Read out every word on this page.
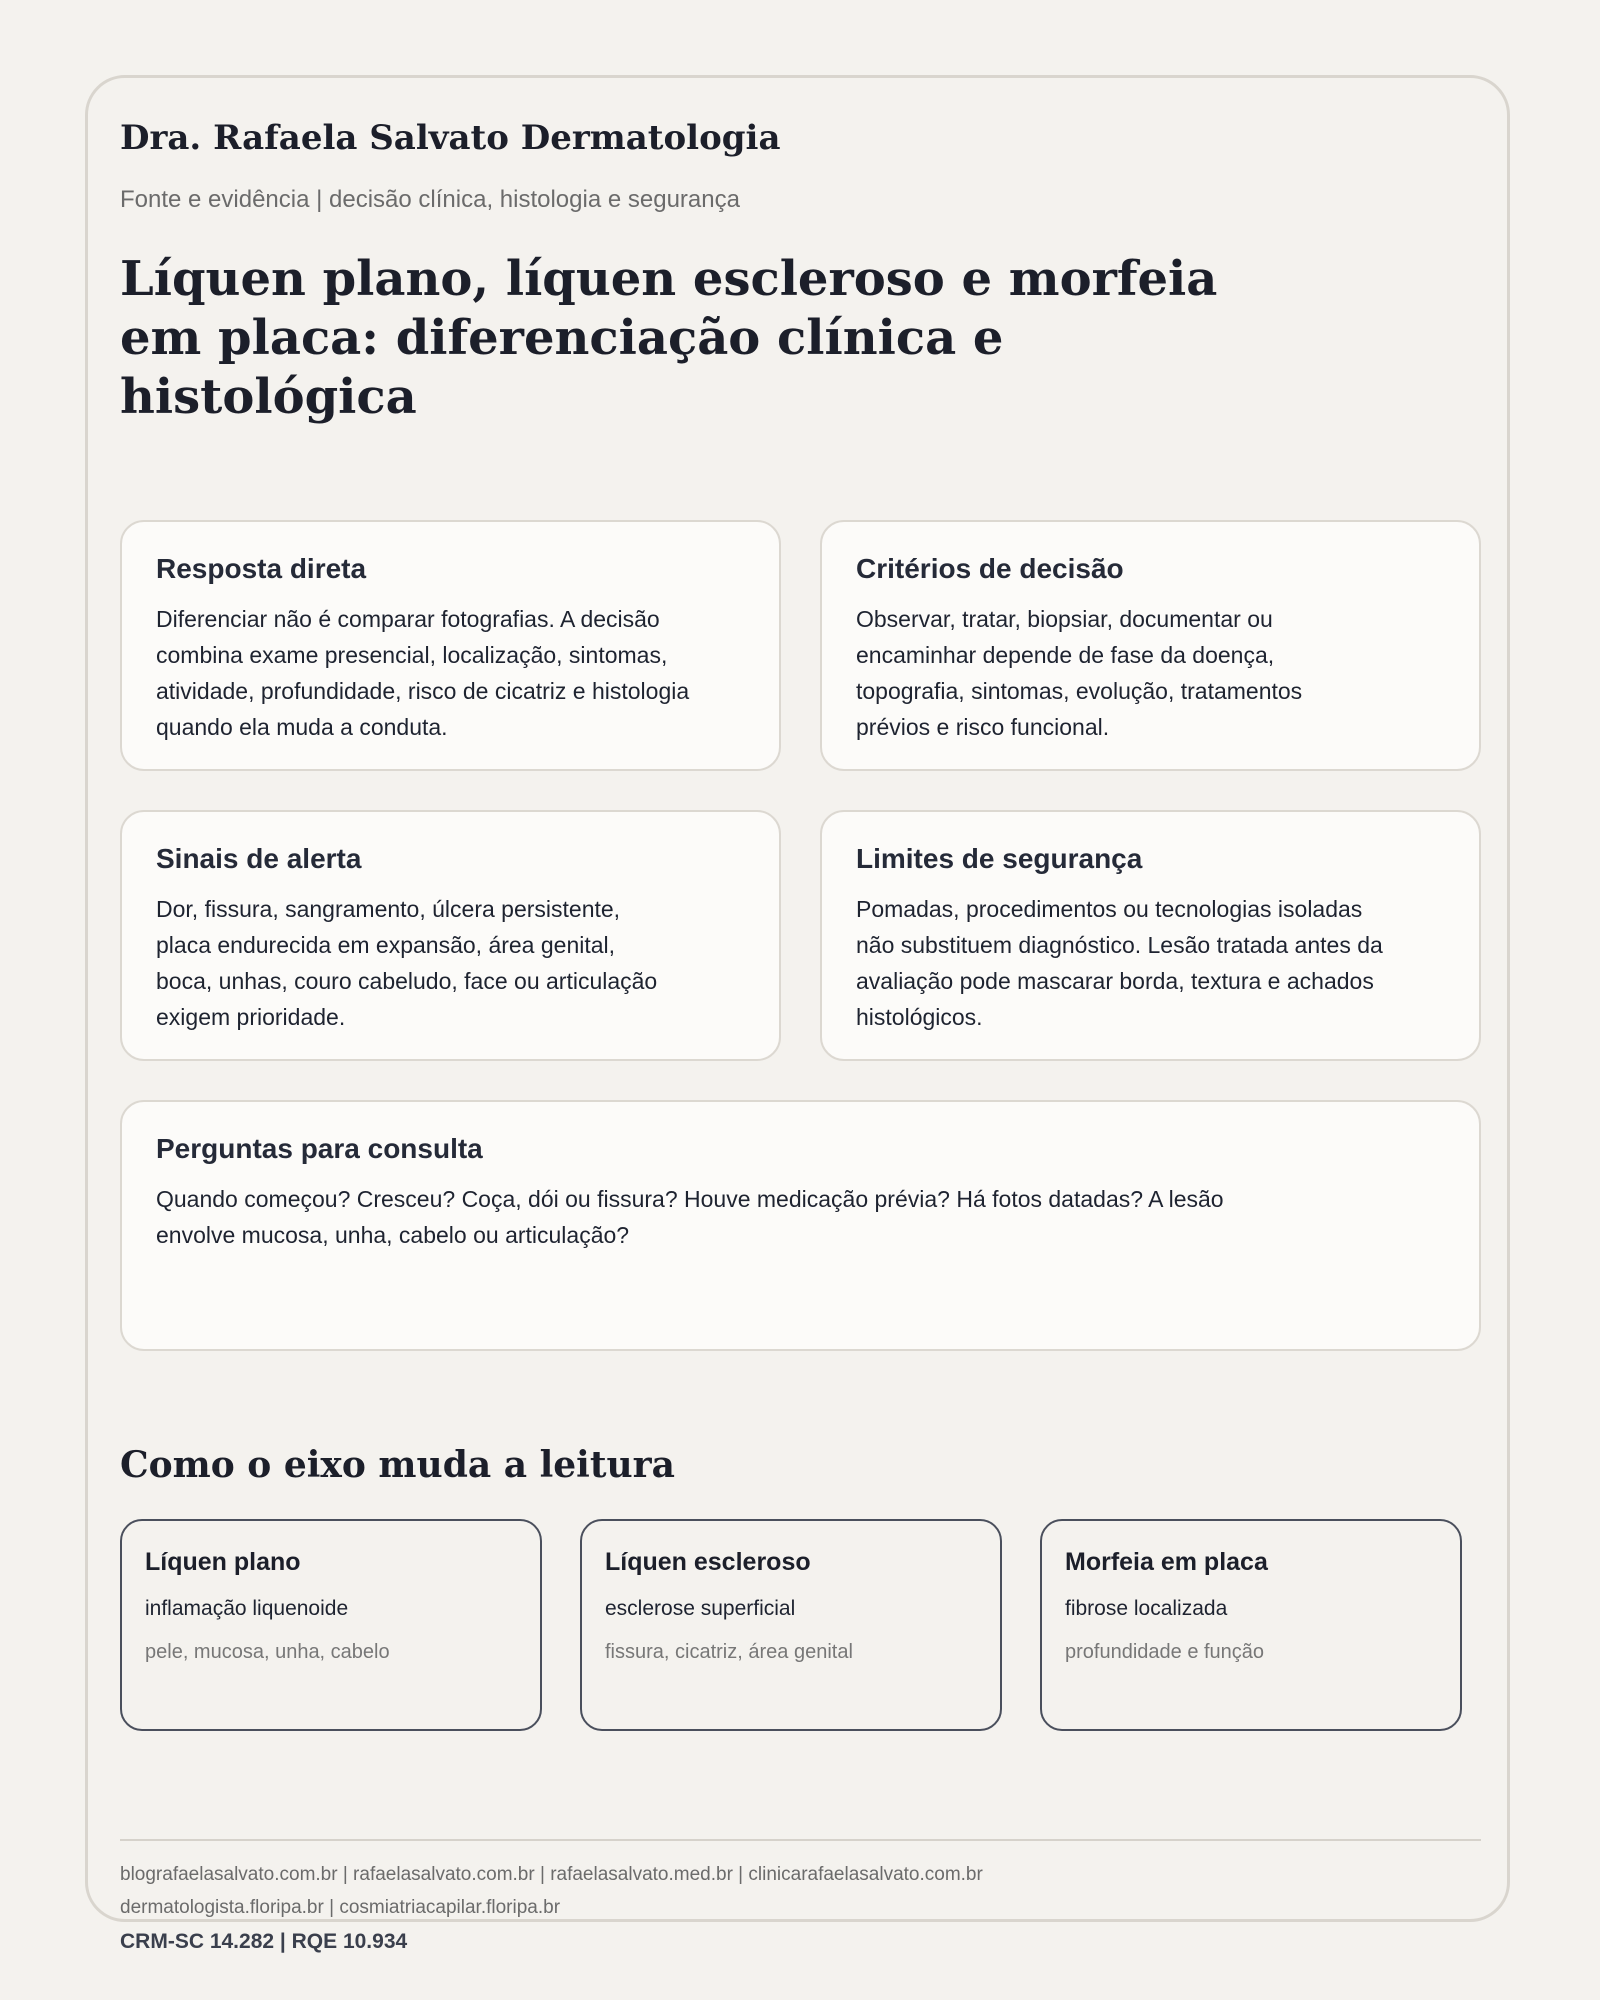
Dra. Rafaela Salvato Dermatologia

Fonte e evidência | decisão clínica, histologia e segurança

Líquen plano, líquen escleroso e morfeia em placa: diferenciação clínica e histológica
Resposta direta

Diferenciar não é comparar fotografias. A decisão combina exame presencial, localização, sintomas, atividade, profundidade, risco de cicatriz e histologia quando ela muda a conduta.

Critérios de decisão

Observar, tratar, biopsiar, documentar ou encaminhar depende de fase da doença, topografia, sintomas, evolução, tratamentos prévios e risco funcional.

Sinais de alerta

Dor, fissura, sangramento, úlcera persistente, placa endurecida em expansão, área genital, boca, unhas, couro cabeludo, face ou articulação exigem prioridade.

Limites de segurança

Pomadas, procedimentos ou tecnologias isoladas não substituem diagnóstico. Lesão tratada antes da avaliação pode mascarar borda, textura e achados histológicos.

Perguntas para consulta

Quando começou? Cresceu? Coça, dói ou fissura? Houve medicação prévia? Há fotos datadas? A lesão envolve mucosa, unha, cabelo ou articulação?

Como o eixo muda a leitura
Líquen plano

inflamação liquenoide

pele, mucosa, unha, cabelo

Líquen escleroso

esclerose superficial

fissura, cicatriz, área genital

Morfeia em placa

fibrose localizada

profundidade e função

blografaelasalvato.com.br | rafaelasalvato.com.br | rafaelasalvato.med.br | clinicarafaelasalvato.com.br

dermatologista.floripa.br | cosmiatriacapilar.floripa.br

CRM-SC 14.282 | RQE 10.934
